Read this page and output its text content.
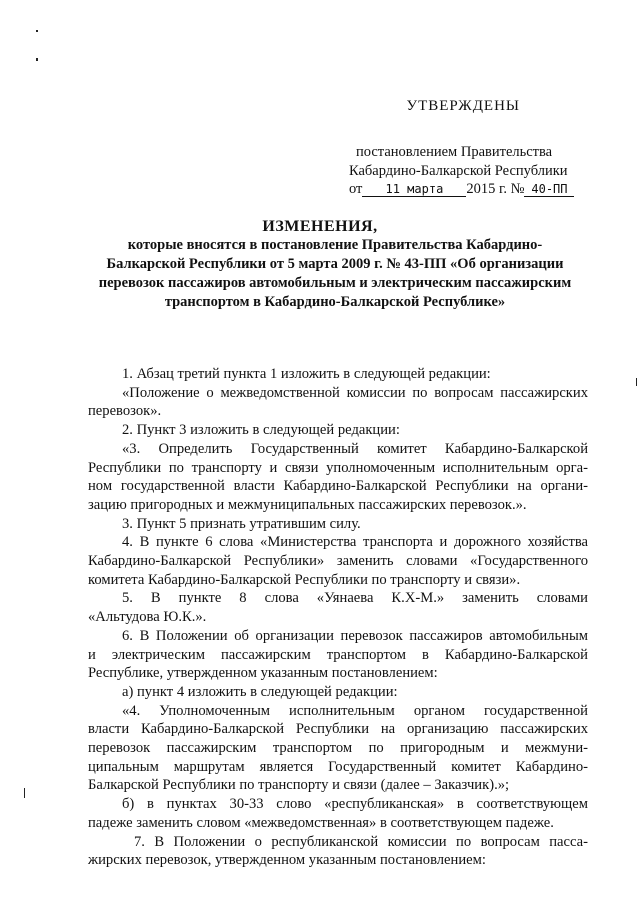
УТВЕРЖДЕНЫ
постановлением Правительства
Кабардино-Балкарской Республики
от 11 марта 2015 г. № 40-ПП
ИЗМЕНЕНИЯ,
которые вносятся в постановление Правительства Кабардино-
Балкарской Республики от 5 марта 2009 г. № 43-ПП «Об организации
перевозок пассажиров автомобильным и электрическим пассажирским
транспортом в Кабардино-Балкарской Республике»

1. Абзац третий пункта 1 изложить в следующей редакции:

«Положение о межведомственной комиссии по вопросам пассажирских

перевозок».

2. Пункт 3 изложить в следующей редакции:

«3. Определить Государственный комитет Кабардино-Балкарской

Республики по транспорту и связи уполномоченным исполнительным орга-

ном государственной власти Кабардино-Балкарской Республики на органи-

зацию пригородных и межмуниципальных пассажирских перевозок.».

3. Пункт 5 признать утратившим силу.

4. В пункте 6 слова «Министерства транспорта и дорожного хозяйства

Кабардино-Балкарской Республики» заменить словами «Государственного

комитета Кабардино-Балкарской Республики по транспорту и связи».

5. В пункте 8 слова «Уянаева К.Х-М.» заменить словами

«Альтудова Ю.К.».

6. В Положении об организации перевозок пассажиров автомобильным

и электрическим пассажирским транспортом в Кабардино-Балкарской

Республике, утвержденном указанным постановлением:

а) пункт 4 изложить в следующей редакции:

«4. Уполномоченным исполнительным органом государственной

власти Кабардино-Балкарской Республики на организацию пассажирских

перевозок пассажирским транспортом по пригородным и межмуни-

ципальным маршрутам является Государственный комитет Кабардино-

Балкарской Республики по транспорту и связи (далее – Заказчик).»;

б) в пунктах 30-33 слово «республиканская» в соответствующем

падеже заменить словом «межведомственная» в соответствующем падеже.

7. В Положении о республиканской комиссии по вопросам пасса-

жирских перевозок, утвержденном указанным постановлением:
